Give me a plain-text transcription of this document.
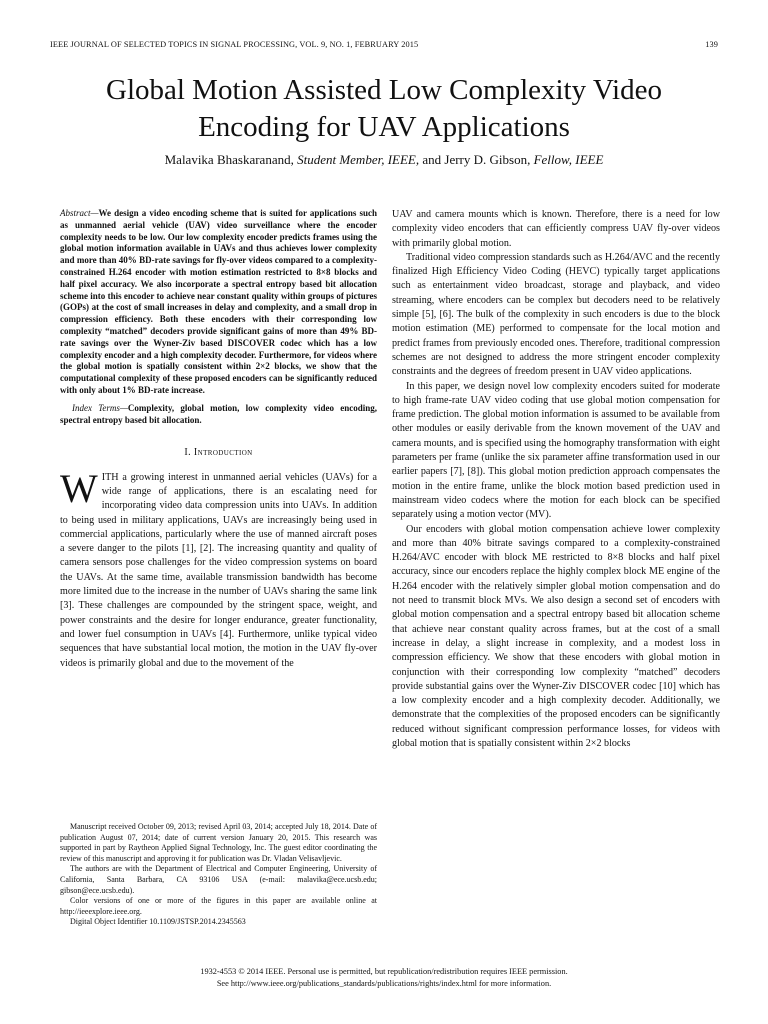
IEEE JOURNAL OF SELECTED TOPICS IN SIGNAL PROCESSING, VOL. 9, NO. 1, FEBRUARY 2015	139
Global Motion Assisted Low Complexity Video
Encoding for UAV Applications
Malavika Bhaskaranand, Student Member, IEEE, and Jerry D. Gibson, Fellow, IEEE
Abstract—We design a video encoding scheme that is suited for applications such as unmanned aerial vehicle (UAV) video surveillance where the encoder complexity needs to be low. Our low complexity encoder predicts frames using the global motion information available in UAVs and thus achieves lower complexity and more than 40% BD-rate savings for fly-over videos compared to a complexity-constrained H.264 encoder with motion estimation restricted to 8×8 blocks and half pixel accuracy. We also incorporate a spectral entropy based bit allocation scheme into this encoder to achieve near constant quality within groups of pictures (GOPs) at the cost of small increases in delay and complexity, and a small drop in compression efficiency. Both these encoders with their corresponding low complexity “matched” decoders provide significant gains of more than 49% BD-rate savings over the Wyner-Ziv based DISCOVER codec which has a low complexity encoder and a high complexity decoder. Furthermore, for videos where the global motion is spatially consistent within 2×2 blocks, we show that the computational complexity of these proposed encoders can be significantly reduced with only about 1% BD-rate increase.
Index Terms—Complexity, global motion, low complexity video encoding, spectral entropy based bit allocation.
I. Introduction

WITH a growing interest in unmanned aerial vehicles (UAVs) for a wide range of applications, there is an escalating need for incorporating video data compression units into UAVs. In addition to being used in military applications, UAVs are increasingly being used in commercial applications, particularly where the use of manned aircraft poses a severe danger to the pilots [1], [2]. The increasing quantity and quality of camera sensors pose challenges for the video compression systems on board the UAVs. At the same time, available transmission bandwidth has become more limited due to the increase in the number of UAVs sharing the same link [3]. These challenges are compounded by the stringent space, weight, and power constraints and the desire for longer endurance, greater functionality, and lower fuel consumption in UAVs [4]. Furthermore, unlike typical video sequences that have substantial local motion, the motion in the UAV fly-over videos is primarily global and due to the movement of the

Manuscript received October 09, 2013; revised April 03, 2014; accepted July 18, 2014. Date of publication August 07, 2014; date of current version January 20, 2015. This research was supported in part by Raytheon Applied Signal Technology, Inc. The guest editor coordinating the review of this manuscript and approving it for publication was Dr. Vladan Velisavljevic.

The authors are with the Department of Electrical and Computer Engineering, University of California, Santa Barbara, CA 93106 USA (e-mail: malavika@ece.ucsb.edu; gibson@ece.ucsb.edu).

Color versions of one or more of the figures in this paper are available online at http://ieeexplore.ieee.org.

Digital Object Identifier 10.1109/JSTSP.2014.2345563

UAV and camera mounts which is known. Therefore, there is a need for low complexity video encoders that can efficiently compress UAV fly-over videos with primarily global motion.

Traditional video compression standards such as H.264/AVC and the recently finalized High Efficiency Video Coding (HEVC) typically target applications such as entertainment video broadcast, storage and playback, and video streaming, where encoders can be complex but decoders need to be relatively simple [5], [6]. The bulk of the complexity in such encoders is due to the block motion estimation (ME) performed to compensate for the local motion and predict frames from previously encoded ones. Therefore, traditional compression schemes are not designed to address the more stringent encoder complexity constraints and the degrees of freedom present in UAV video applications.

In this paper, we design novel low complexity encoders suited for moderate to high frame-rate UAV video coding that use global motion compensation for frame prediction. The global motion information is assumed to be available from other modules or easily derivable from the known movement of the UAV and camera mounts, and is specified using the homography transformation with eight parameters per frame (unlike the six parameter affine transformation used in our earlier papers [7], [8]). This global motion prediction approach compensates the motion in the entire frame, unlike the block motion based prediction used in mainstream video codecs where the motion for each block can be specified separately using a motion vector (MV).

Our encoders with global motion compensation achieve lower complexity and more than 40% bitrate savings compared to a complexity-constrained H.264/AVC encoder with block ME restricted to 8×8 blocks and half pixel accuracy, since our encoders replace the highly complex block ME engine of the H.264 encoder with the relatively simpler global motion compensation and do not need to transmit block MVs. We also design a second set of encoders with global motion compensation and a spectral entropy based bit allocation scheme that achieve near constant quality across frames, but at the cost of a small increase in delay, a slight increase in complexity, and a modest loss in compression efficiency. We show that these encoders with global motion in conjunction with their corresponding low complexity “matched” decoders provide substantial gains over the Wyner-Ziv DISCOVER codec [10] which has a low complexity encoder and a high complexity decoder. Additionally, we demonstrate that the complexities of the proposed encoders can be significantly reduced without significant compression performance losses, for videos with global motion that is spatially consistent within 2×2 blocks

1932-4553 © 2014 IEEE. Personal use is permitted, but republication/redistribution requires IEEE permission.
See http://www.ieee.org/publications_standards/publications/rights/index.html for more information.
